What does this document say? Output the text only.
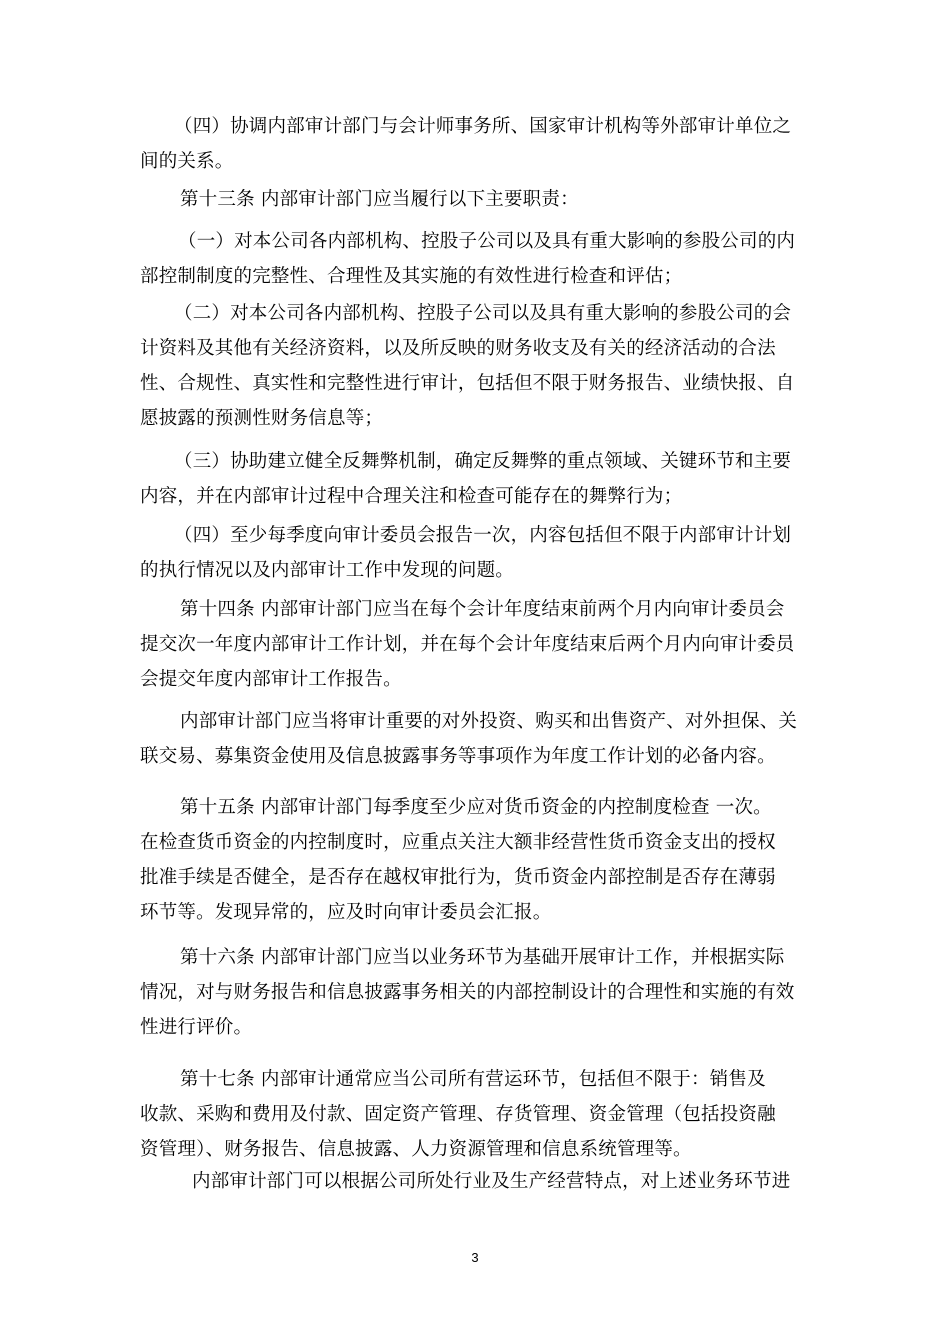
（四）协调内部审计部门与会计师事务所、国家审计机构等外部审计单位之
间的关系。
第十三条 内部审计部门应当履行以下主要职责：
（一）对本公司各内部机构、控股子公司以及具有重大影响的参股公司的内
部控制制度的完整性、合理性及其实施的有效性进行检查和评估；
（二）对本公司各内部机构、控股子公司以及具有重大影响的参股公司的会
计资料及其他有关经济资料，以及所反映的财务收支及有关的经济活动的合法
性、合规性、真实性和完整性进行审计，包括但不限于财务报告、业绩快报、自
愿披露的预测性财务信息等；
（三）协助建立健全反舞弊机制，确定反舞弊的重点领域、关键环节和主要
内容，并在内部审计过程中合理关注和检查可能存在的舞弊行为；
（四）至少每季度向审计委员会报告一次，内容包括但不限于内部审计计划
的执行情况以及内部审计工作中发现的问题。
第十四条 内部审计部门应当在每个会计年度结束前两个月内向审计委员会
提交次一年度内部审计工作计划，并在每个会计年度结束后两个月内向审计委员
会提交年度内部审计工作报告。
内部审计部门应当将审计重要的对外投资、购买和出售资产、对外担保、关
联交易、募集资金使用及信息披露事务等事项作为年度工作计划的必备内容。
第十五条 内部审计部门每季度至少应对货币资金的内控制度检查 一次。
在检查货币资金的内控制度时，应重点关注大额非经营性货币资金支出的授权
批准手续是否健全，是否存在越权审批行为，货币资金内部控制是否存在薄弱
环节等。发现异常的，应及时向审计委员会汇报。
第十六条 内部审计部门应当以业务环节为基础开展审计工作，并根据实际
情况，对与财务报告和信息披露事务相关的内部控制设计的合理性和实施的有效
性进行评价。
第十七条 内部审计通常应当公司所有营运环节，包括但不限于：销售及
收款、采购和费用及付款、固定资产管理、存货管理、资金管理（包括投资融
资管理）、财务报告、信息披露、人力资源管理和信息系统管理等。
内部审计部门可以根据公司所处行业及生产经营特点，对上述业务环节进
3
